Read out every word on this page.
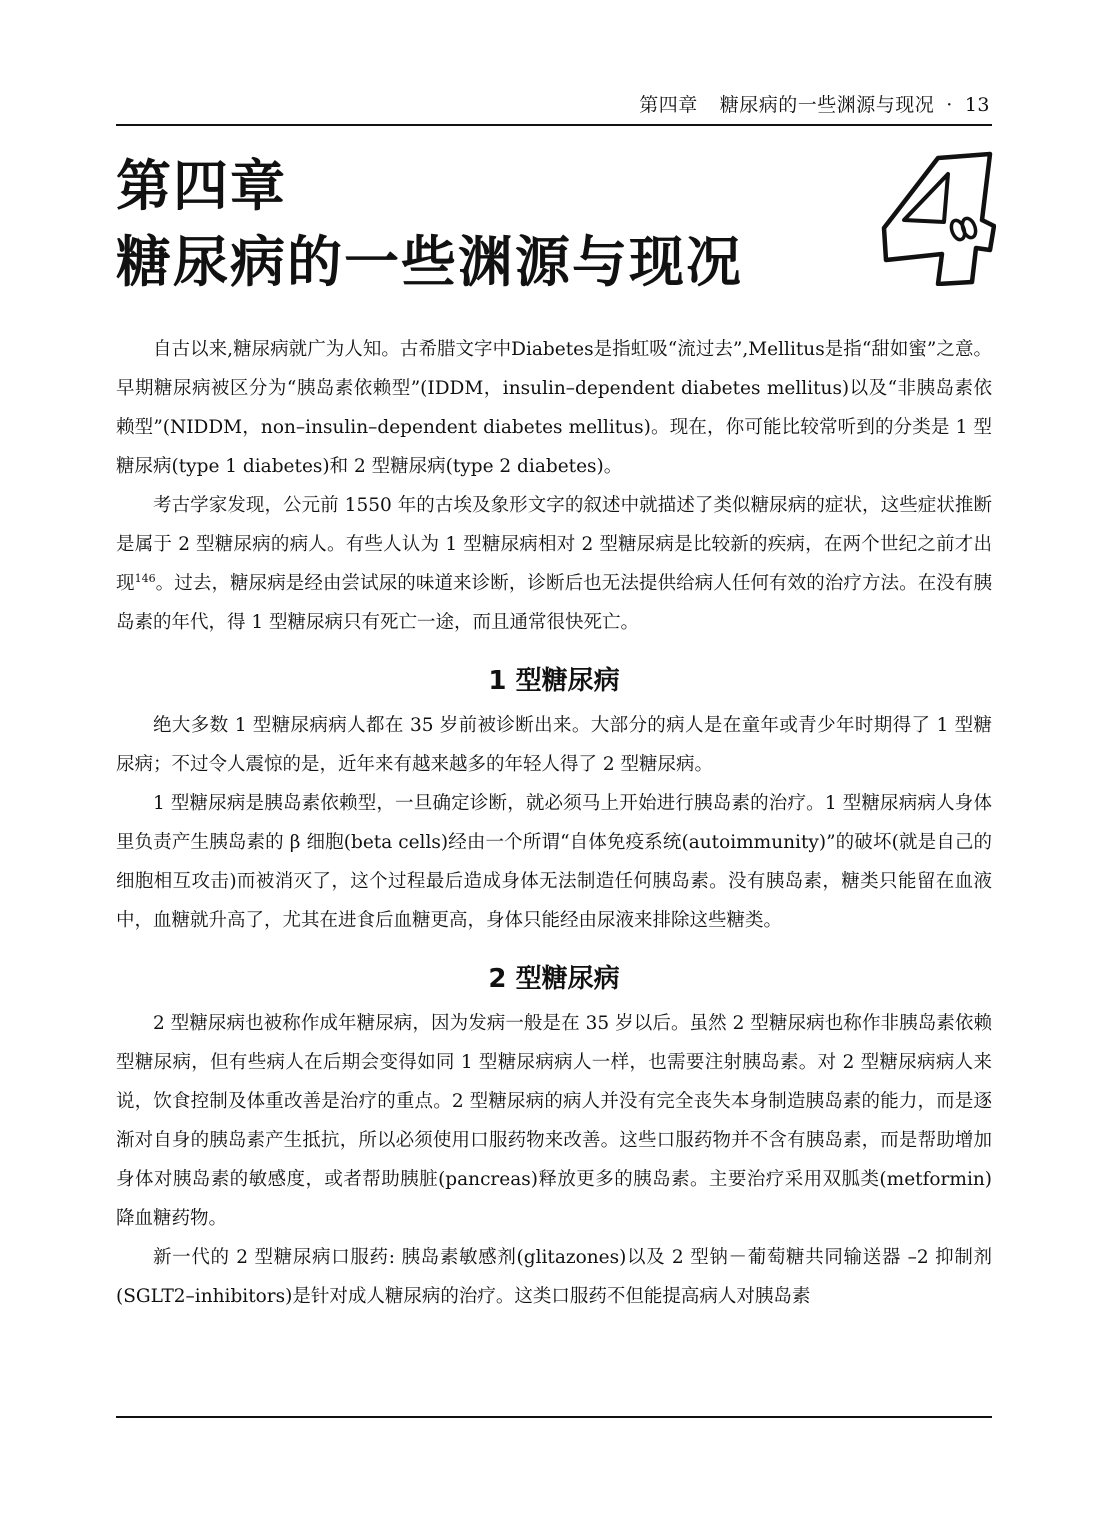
第四章 糖尿病的一些渊源与现况 · 13
第四章
糖尿病的一些渊源与现况

自古以来,糖尿病就广为人知。古希腊文字中Diabetes是指虹吸“流过去”,Mellitus是指“甜如蜜”之意。早期糖尿病被区分为“胰岛素依赖型”(IDDM，insulin–dependent diabetes mellitus)以及“非胰岛素依赖型”(NIDDM，non–insulin–dependent diabetes mellitus)。现在，你可能比较常听到的分类是 1 型糖尿病(type 1 diabetes)和 2 型糖尿病(type 2 diabetes)。

考古学家发现，公元前 1550 年的古埃及象形文字的叙述中就描述了类似糖尿病的症状，这些症状推断是属于 2 型糖尿病的病人。有些人认为 1 型糖尿病相对 2 型糖尿病是比较新的疾病，在两个世纪之前才出现$^{146}$。过去，糖尿病是经由尝试尿的味道来诊断，诊断后也无法提供给病人任何有效的治疗方法。在没有胰岛素的年代，得 1 型糖尿病只有死亡一途，而且通常很快死亡。

1 型糖尿病

绝大多数 1 型糖尿病病人都在 35 岁前被诊断出来。大部分的病人是在童年或青少年时期得了 1 型糖尿病；不过令人震惊的是，近年来有越来越多的年轻人得了 2 型糖尿病。

1 型糖尿病是胰岛素依赖型，一旦确定诊断，就必须马上开始进行胰岛素的治疗。1 型糖尿病病人身体里负责产生胰岛素的 β 细胞(beta cells)经由一个所谓“自体免疫系统(autoimmunity)”的破坏(就是自己的细胞相互攻击)而被消灭了，这个过程最后造成身体无法制造任何胰岛素。没有胰岛素，糖类只能留在血液中，血糖就升高了，尤其在进食后血糖更高，身体只能经由尿液来排除这些糖类。

2 型糖尿病

2 型糖尿病也被称作成年糖尿病，因为发病一般是在 35 岁以后。虽然 2 型糖尿病也称作非胰岛素依赖型糖尿病，但有些病人在后期会变得如同 1 型糖尿病病人一样，也需要注射胰岛素。对 2 型糖尿病病人来说，饮食控制及体重改善是治疗的重点。2 型糖尿病的病人并没有完全丧失本身制造胰岛素的能力，而是逐渐对自身的胰岛素产生抵抗，所以必须使用口服药物来改善。这些口服药物并不含有胰岛素，而是帮助增加身体对胰岛素的敏感度，或者帮助胰脏(pancreas)释放更多的胰岛素。主要治疗采用双胍类(metformin)降血糖药物。

新一代的 2 型糖尿病口服药: 胰岛素敏感剂(glitazones)以及 2 型钠－葡萄糖共同输送器 –2 抑制剂(SGLT2–inhibitors)是针对成人糖尿病的治疗。这类口服药不但能提高病人对胰岛素
